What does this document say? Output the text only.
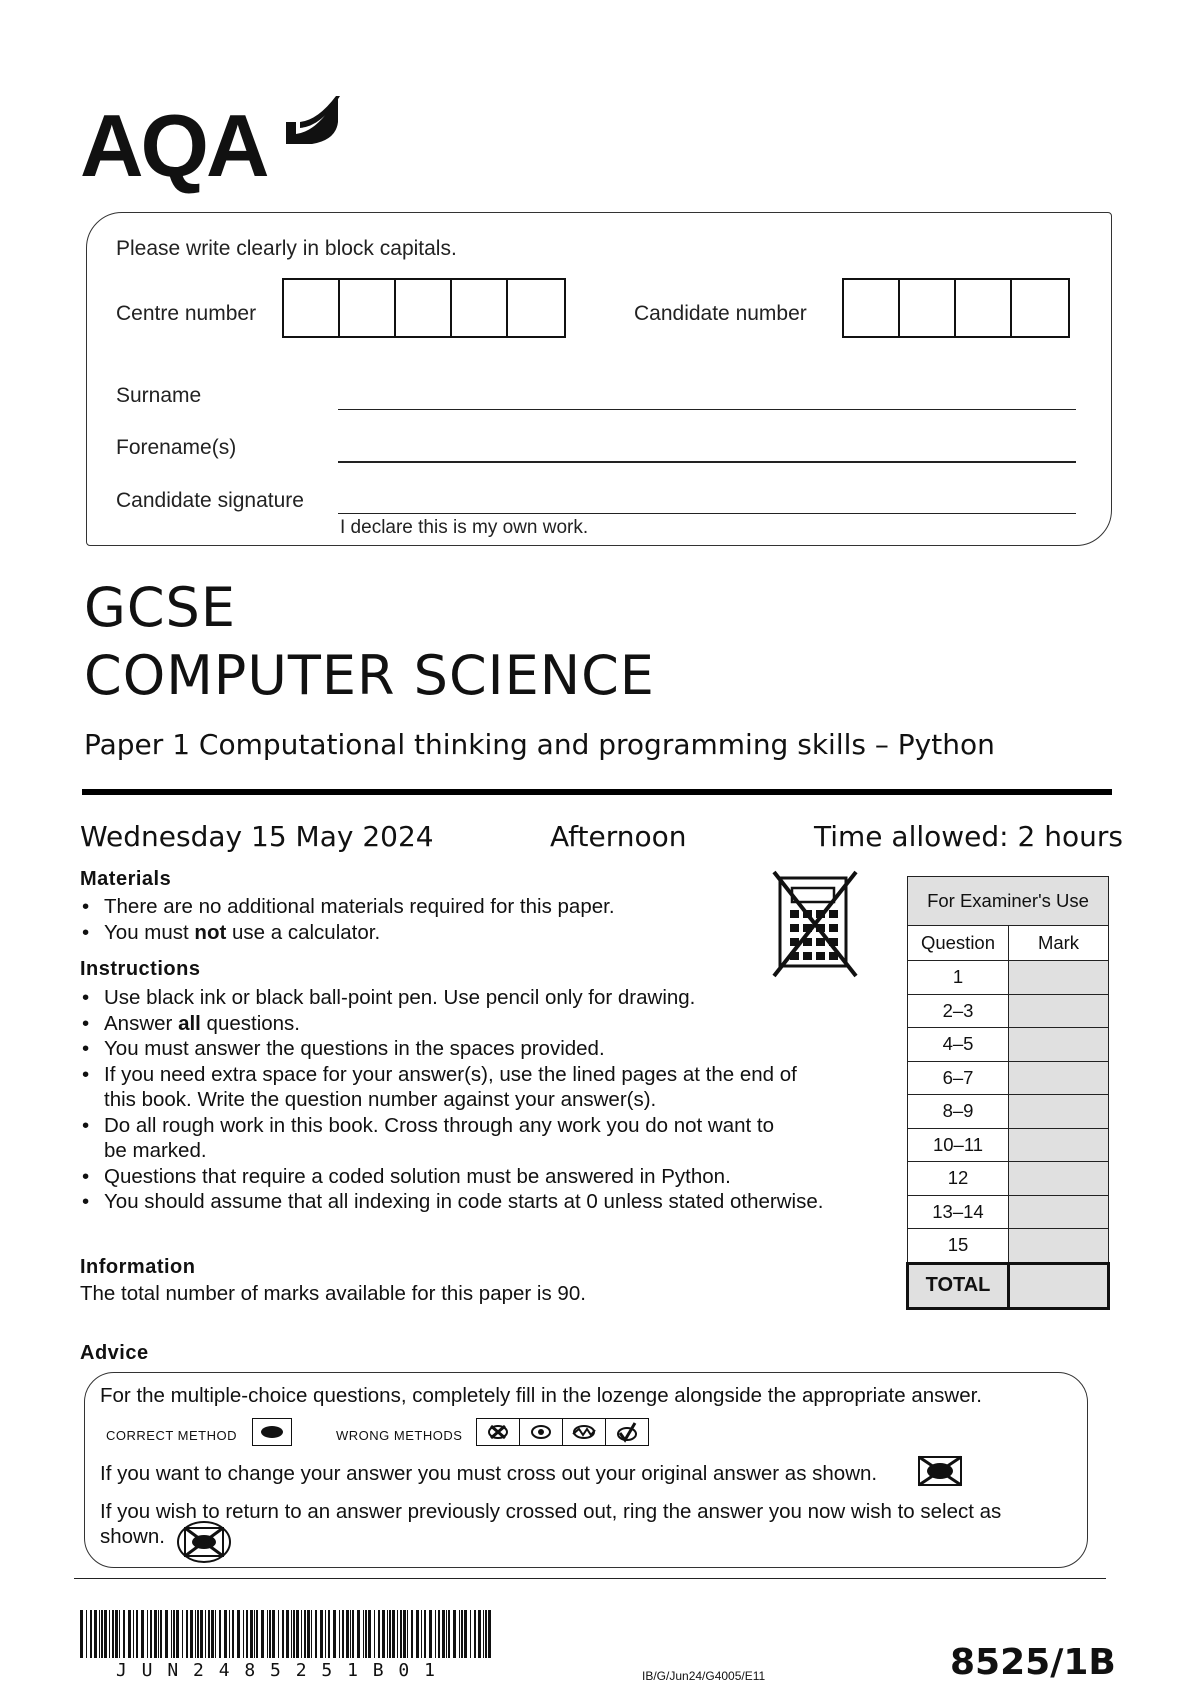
AQA
Please write clearly in block capitals.
Centre number	Candidate number
Surname
Forename(s)
Candidate signature
I declare this is my own work.
GCSE
COMPUTER SCIENCE
Paper 1 Computational thinking and programming skills – Python
Wednesday 15 May 2024	Afternoon	Time allowed: 2 hours
Materials
• There are no additional materials required for this paper.
• You must not use a calculator.
Instructions
• Use black ink or black ball-point pen. Use pencil only for drawing.
• Answer all questions.
• You must answer the questions in the spaces provided.
• If you need extra space for your answer(s), use the lined pages at the end of this book. Write the question number against your answer(s).
• Do all rough work in this book. Cross through any work you do not want to be marked.
• Questions that require a coded solution must be answered in Python.
• You should assume that all indexing in code starts at 0 unless stated otherwise.
Information
The total number of marks available for this paper is 90.
For Examiner's Use	
Question	Mark
1	
2–3	
4–5	
6–7	
8–9	
10–11	
12	
13–14	
15	
TOTAL	
Advice
For the multiple-choice questions, completely fill in the lozenge alongside the appropriate answer.
CORRECT METHOD	WRONG METHODS
If you want to change your answer you must cross out your original answer as shown.
If you wish to return to an answer previously crossed out, ring the answer you now wish to select as shown.
J U N 2 4 8 5 2 5 1 B 0 1	IB/G/Jun24/G4005/E11	8525/1B
